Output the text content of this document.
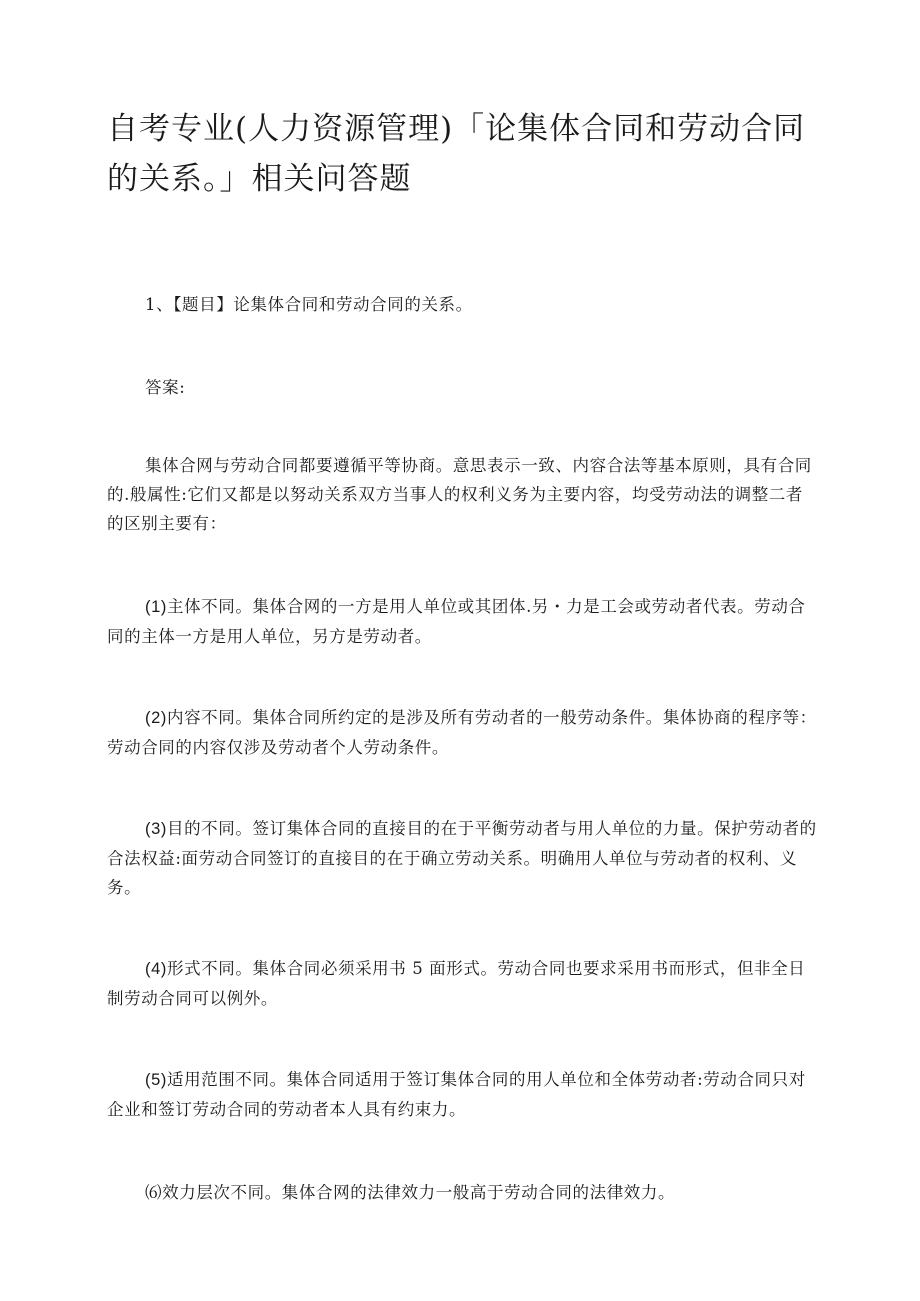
自考专业(人力资源管理)「论集体合同和劳动合同的关系。」相关问答题

1、【题目】论集体合同和劳动合同的关系。

答案:

集体合网与劳动合同都要遵循平等协商。意思表示一致、内容合法等基本原则，具有合同的.般属性:它们又都是以努动关系双方当事人的权利义务为主要内容，均受劳动法的调整二者的区别主要有：

(1)主体不同。集体合网的一方是用人单位或其团体.另・力是工会或劳动者代表。劳动合同的主体一方是用人单位，另方是劳动者。

(2)内容不同。集体合同所约定的是涉及所有劳动者的一般劳动条件。集体协商的程序等：劳动合同的内容仅涉及劳动者个人劳动条件。

(3)目的不同。签订集体合同的直接目的在于平衡劳动者与用人单位的力量。保护劳动者的合法权益:面劳动合同签订的直接目的在于确立劳动关系。明确用人单位与劳动者的权利、义务。

(4)形式不同。集体合同必须采用书 5 面形式。劳动合同也要求采用书而形式，但非全日制劳动合同可以例外。

(5)适用范围不同。集体合同适用于签订集体合同的用人单位和全体劳动者:劳动合同只对企业和签订劳动合同的劳动者本人具有约束力。

⑹效力层次不同。集体合网的法律效力一般高于劳动合同的法律效力。
